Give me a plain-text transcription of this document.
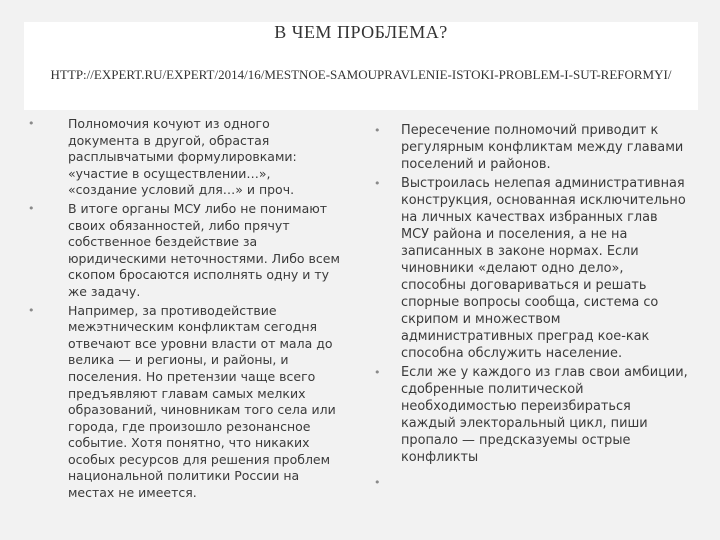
В ЧЕМ ПРОБЛЕМА?
HTTP://EXPERT.RU/EXPERT/2014/16/MESTNOE-SAMOUPRAVLENIE-ISTOKI-PROBLEM-I-SUT-REFORMYI/
•	Полномочия кочуют из одного документа в другой, обрастая расплывчатыми формулировками: «участие в осуществлении…», «создание условий для…» и проч.
•	В итоге органы МСУ либо не понимают своих обязанностей, либо прячут собственное бездействие за юридическими неточностями. Либо всем скопом бросаются исполнять одну и ту же задачу.
•	Например, за противодействие межэтническим конфликтам сегодня отвечают все уровни власти от мала до велика — и регионы, и районы, и поселения. Но претензии чаще всего предъявляют главам самых мелких образований, чиновникам того села или города, где произошло резонансное событие. Хотя понятно, что никаких особых ресурсов для решения проблем национальной политики России на местах не имеется.
• Пересечение полномочий приводит к регулярным конфликтам между главами поселений и районов.
• Выстроилась нелепая административная конструкция, основанная исключительно на личных качествах избранных глав МСУ района и поселения, а не на записанных в законе нормах. Если чиновники «делают одно дело», способны договариваться и решать спорные вопросы сообща, система со скрипом и множеством административных преград кое-как способна обслужить население.
• Если же у каждого из глав свои амбиции, сдобренные политической необходимостью переизбираться каждый электоральный цикл, пиши пропало — предсказуемы острые конфликты
•
